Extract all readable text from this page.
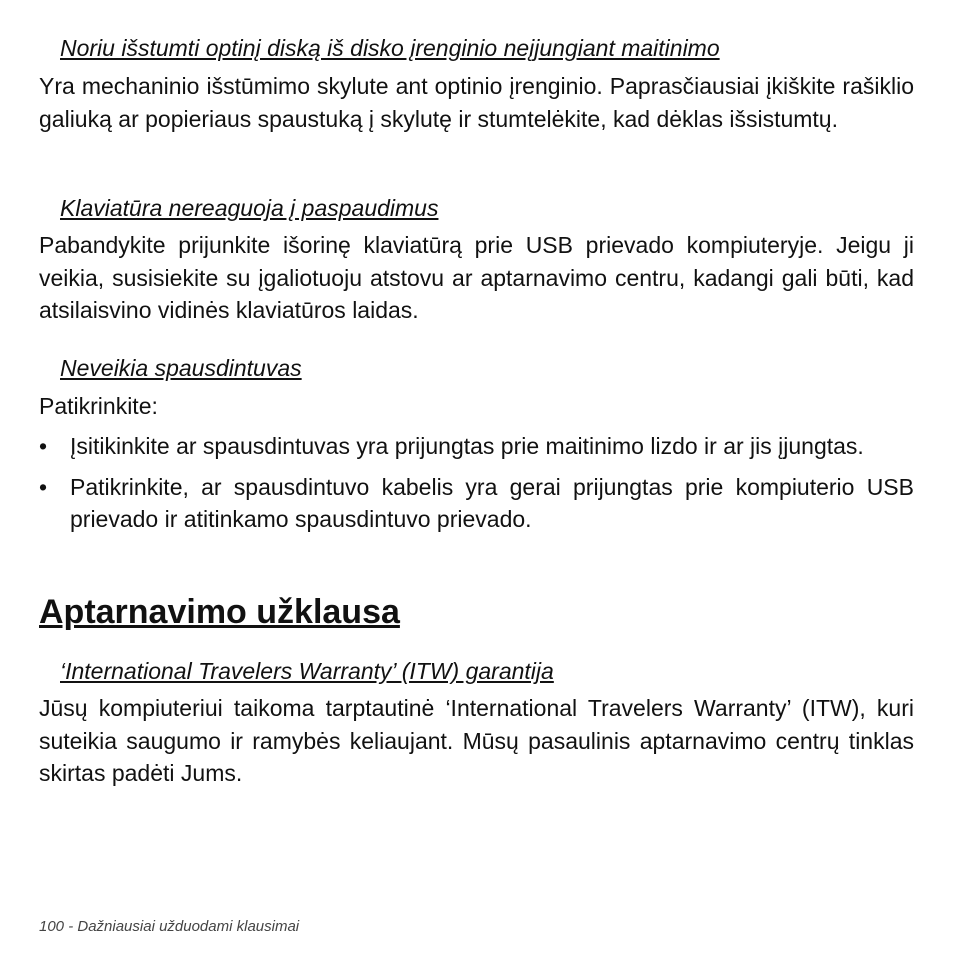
Noriu išstumti optinį diską iš disko įrenginio neįjungiant maitinimo

Yra mechaninio išstūmimo skylute ant optinio įrenginio. Paprasčiausiai įkiškite rašiklio galiuką ar popieriaus spaustuką į skylutę ir stumtelėkite, kad dėklas išsistumtų.

Klaviatūra nereaguoja į paspaudimus

Pabandykite prijunkite išorinę klaviatūrą prie USB prievado kompiuteryje. Jeigu ji veikia, susisiekite su įgaliotuoju atstovu ar aptarnavimo centru, kadangi gali būti, kad atsilaisvino vidinės klaviatūros laidas.

Neveikia spausdintuvas

Patikrinkite:

• Įsitikinkite ar spausdintuvas yra prijungtas prie maitinimo lizdo ir ar jis įjungtas.
• Patikrinkite, ar spausdintuvo kabelis yra gerai prijungtas prie kompiuterio USB prievado ir atitinkamo spausdintuvo prievado.
Aptarnavimo užklausa
‘International Travelers Warranty’ (ITW) garantija

Jūsų kompiuteriui taikoma tarptautinė ‘International Travelers Warranty’ (ITW), kuri suteikia saugumo ir ramybės keliaujant. Mūsų pasaulinis aptarnavimo centrų tinklas skirtas padėti Jums.

100 - Dažniausiai užduodami klausimai
